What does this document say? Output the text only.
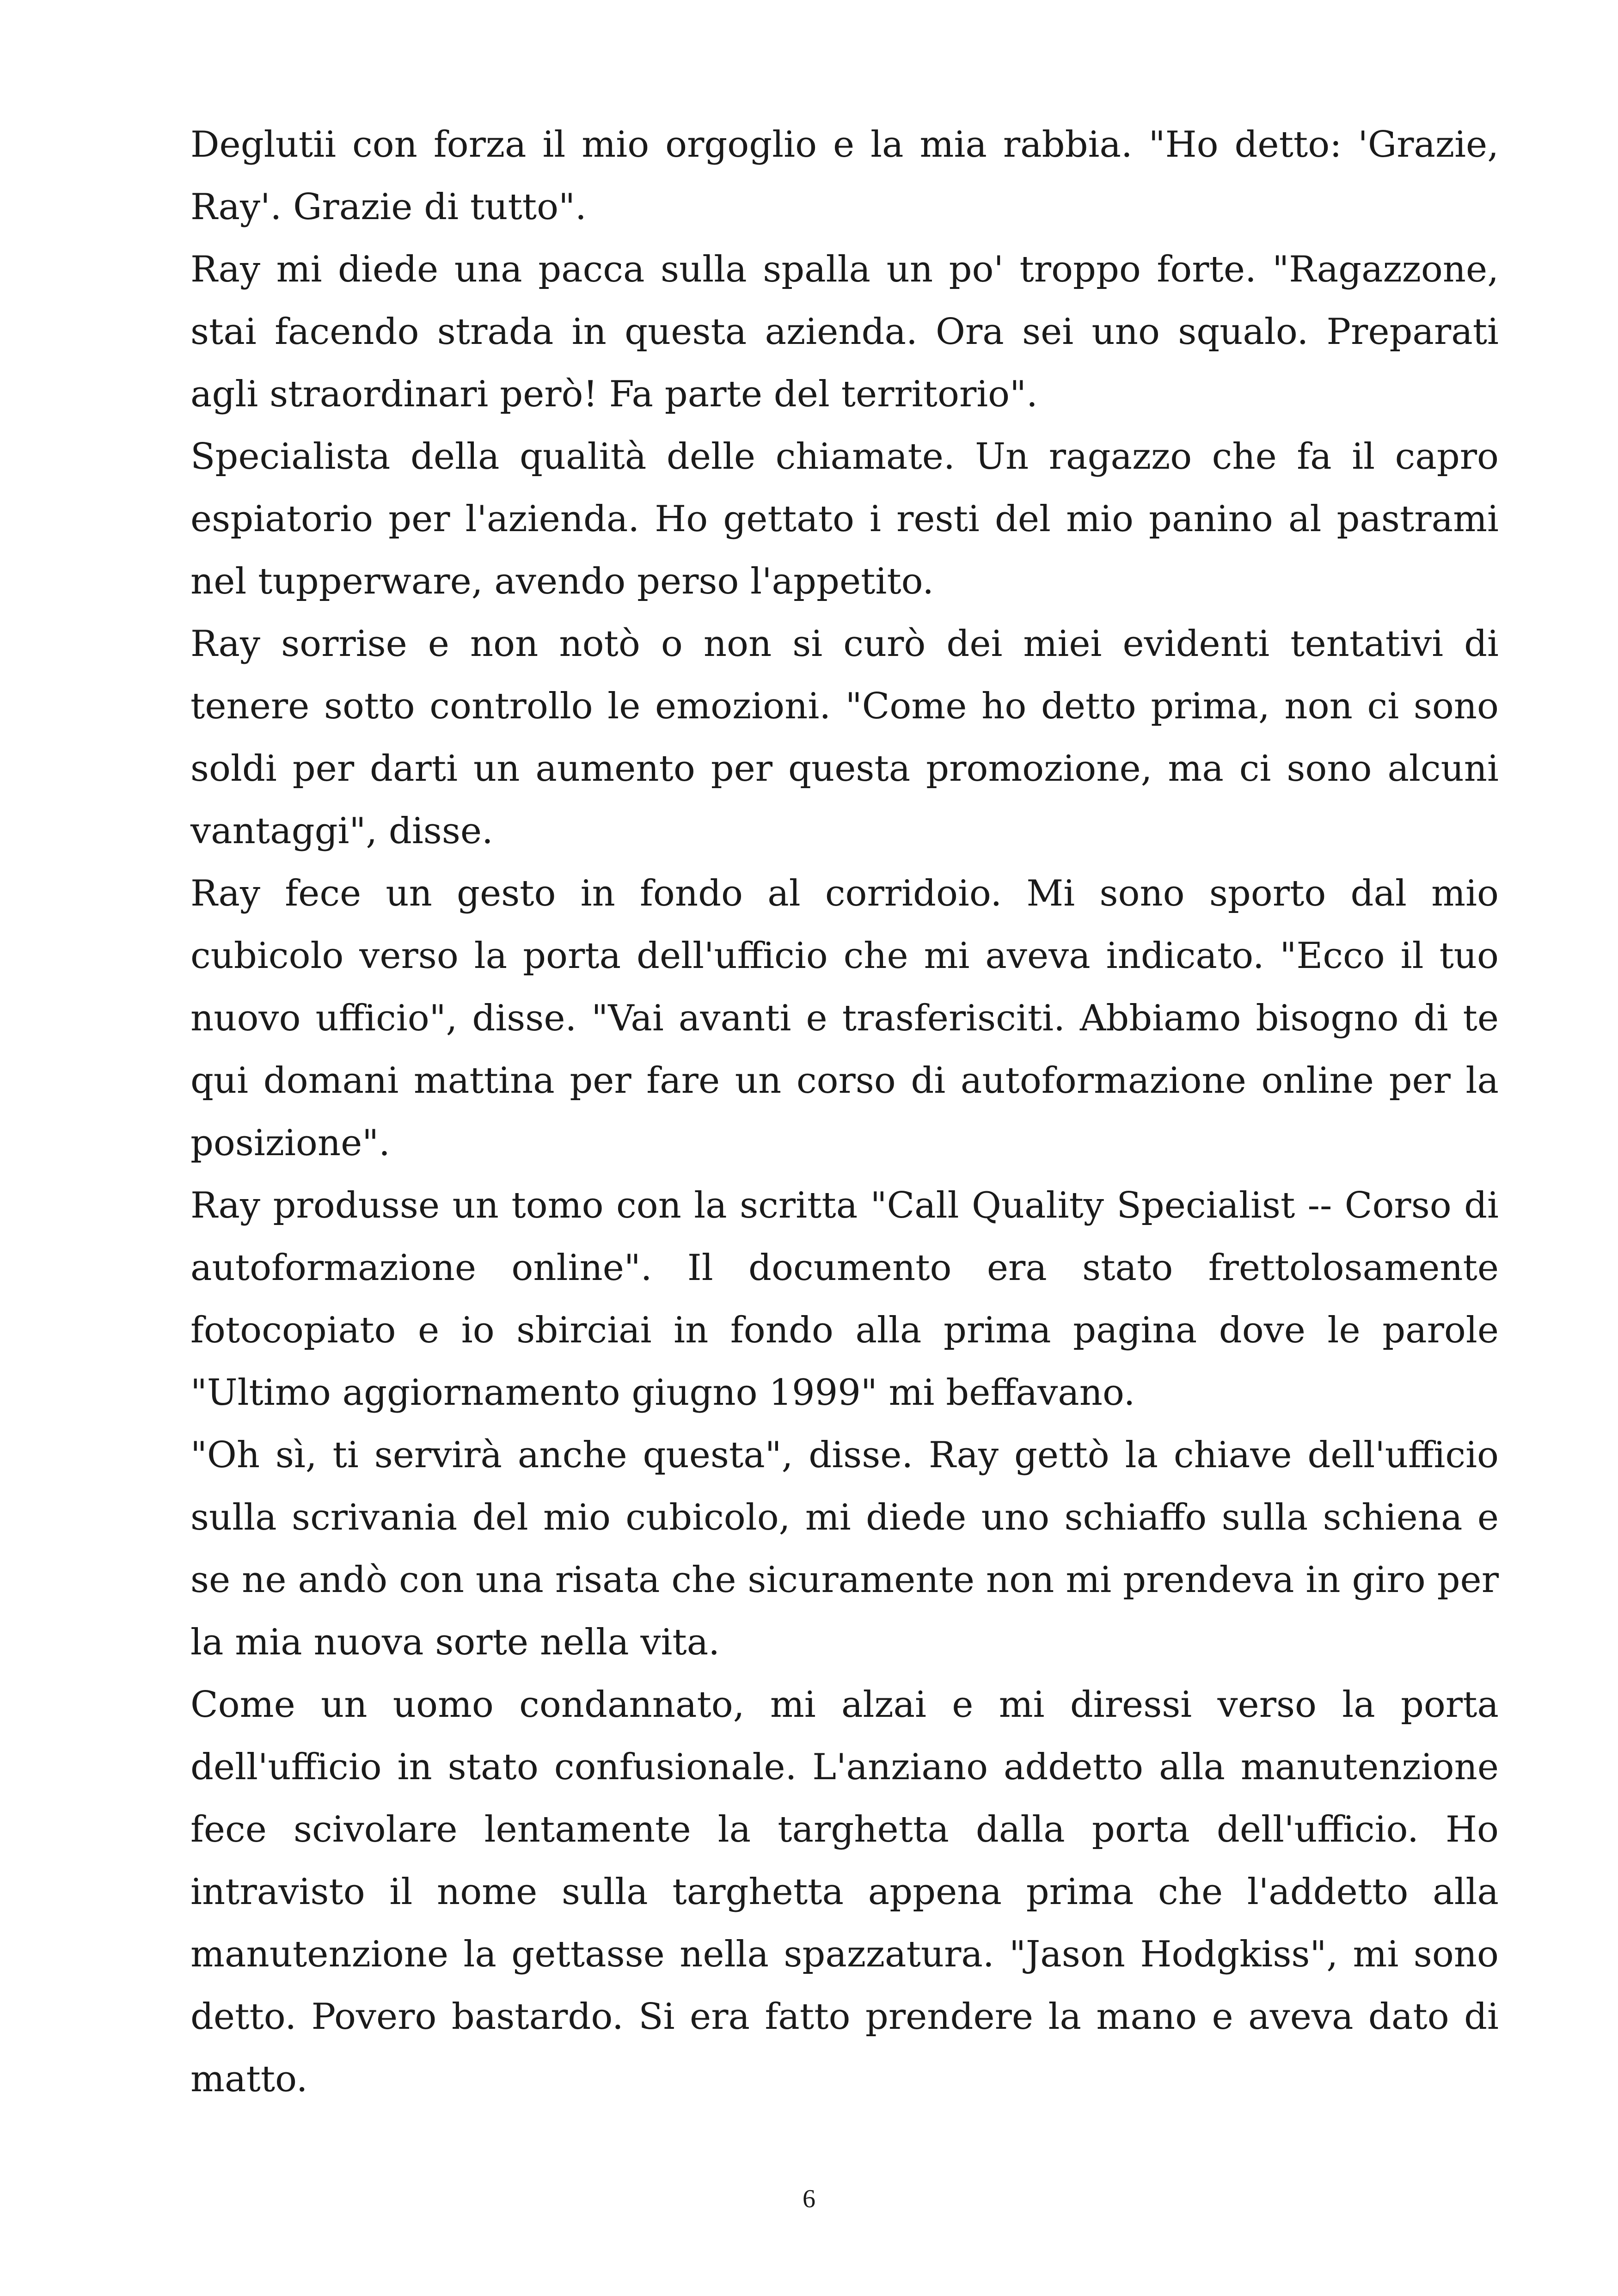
Deglutii con forza il mio orgoglio e la mia rabbia. "Ho detto: 'Grazie, Ray'. Grazie di tutto".

Ray mi diede una pacca sulla spalla un po' troppo forte. "Ragazzone, stai facendo strada in questa azienda. Ora sei uno squalo. Preparati agli straordinari però! Fa parte del territorio".

Specialista della qualità delle chiamate. Un ragazzo che fa il capro espiatorio per l'azienda. Ho gettato i resti del mio panino al pastrami nel tupperware, avendo perso l'appetito.

Ray sorrise e non notò o non si curò dei miei evidenti tentativi di tenere sotto controllo le emozioni. "Come ho detto prima, non ci sono soldi per darti un aumento per questa promozione, ma ci sono alcuni vantaggi", disse.

Ray fece un gesto in fondo al corridoio. Mi sono sporto dal mio cubicolo verso la porta dell'ufficio che mi aveva indicato. "Ecco il tuo nuovo ufficio", disse. "Vai avanti e trasferisciti. Abbiamo bisogno di te qui domani mattina per fare un corso di autoformazione online per la posizione".

Ray produsse un tomo con la scritta "Call Quality Specialist -- Corso di autoformazione online". Il documento era stato frettolosamente fotocopiato e io sbirciai in fondo alla prima pagina dove le parole "Ultimo aggiornamento giugno 1999" mi beffavano.

"Oh sì, ti servirà anche questa", disse. Ray gettò la chiave dell'ufficio sulla scrivania del mio cubicolo, mi diede uno schiaffo sulla schiena e se ne andò con una risata che sicuramente non mi prendeva in giro per la mia nuova sorte nella vita.

Come un uomo condannato, mi alzai e mi diressi verso la porta dell'ufficio in stato confusionale. L'anziano addetto alla manutenzione fece scivolare lentamente la targhetta dalla porta dell'ufficio. Ho intravisto il nome sulla targhetta appena prima che l'addetto alla manutenzione la gettasse nella spazzatura. "Jason Hodgkiss", mi sono detto. Povero bastardo. Si era fatto prendere la mano e aveva dato di matto.

6
